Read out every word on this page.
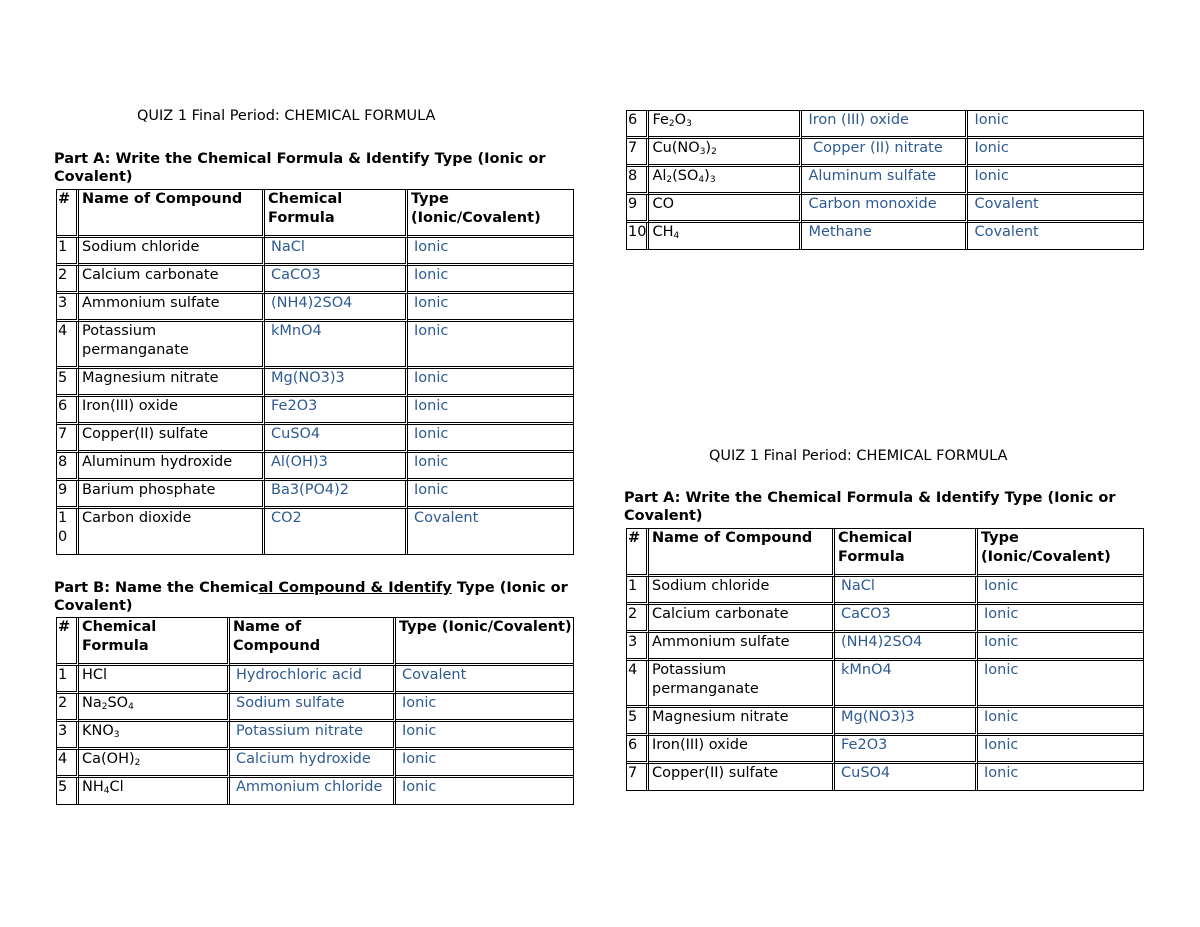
QUIZ 1 Final Period: CHEMICAL FORMULA
Part A: Write the Chemical Formula & Identify Type (Ionic or Covalent)
#	Name of Compound	Chemical Formula	Type (Ionic/Covalent)
1	Sodium chloride	NaCl	Ionic
2	Calcium carbonate	CaCO3	Ionic
3	Ammonium sulfate	(NH4)2SO4	Ionic
4	Potassium permanganate	kMnO4	Ionic
5	Magnesium nitrate	Mg(NO3)3	Ionic
6	Iron(III) oxide	Fe2O3	Ionic
7	Copper(II) sulfate	CuSO4	Ionic
8	Aluminum hydroxide	Al(OH)3	Ionic
9	Barium phosphate	Ba3(PO4)2	Ionic
10	Carbon dioxide	CO2	Covalent
Part B: Name the Chemical Compound & Identify Type (Ionic or Covalent)
#	Chemical Formula	Name of Compound	Type (Ionic/Covalent)
1	HCl	Hydrochloric acid	Covalent
2	$Na_2SO_4$	Sodium sulfate	Ionic
3	$KNO_3$	Potassium nitrate	Ionic
4	$Ca(OH)_2$	Calcium hydroxide	Ionic
5	$NH_4Cl$	Ammonium chloride	Ionic
6	$Fe_2O_3$	Iron (III) oxide	Ionic
7	$Cu(NO_3)_2$	Copper (II) nitrate	Ionic
8	$Al_2(SO_4)_3$	Aluminum sulfate	Ionic
9	CO	Carbon monoxide	Covalent
10	$CH_4$	Methane	Covalent
QUIZ 1 Final Period: CHEMICAL FORMULA
Part A: Write the Chemical Formula & Identify Type (Ionic or Covalent)
#	Name of Compound	Chemical Formula	Type (Ionic/Covalent)
1	Sodium chloride	NaCl	Ionic
2	Calcium carbonate	CaCO3	Ionic
3	Ammonium sulfate	(NH4)2SO4	Ionic
4	Potassium permanganate	kMnO4	Ionic
5	Magnesium nitrate	Mg(NO3)3	Ionic
6	Iron(III) oxide	Fe2O3	Ionic
7	Copper(II) sulfate	CuSO4	Ionic
